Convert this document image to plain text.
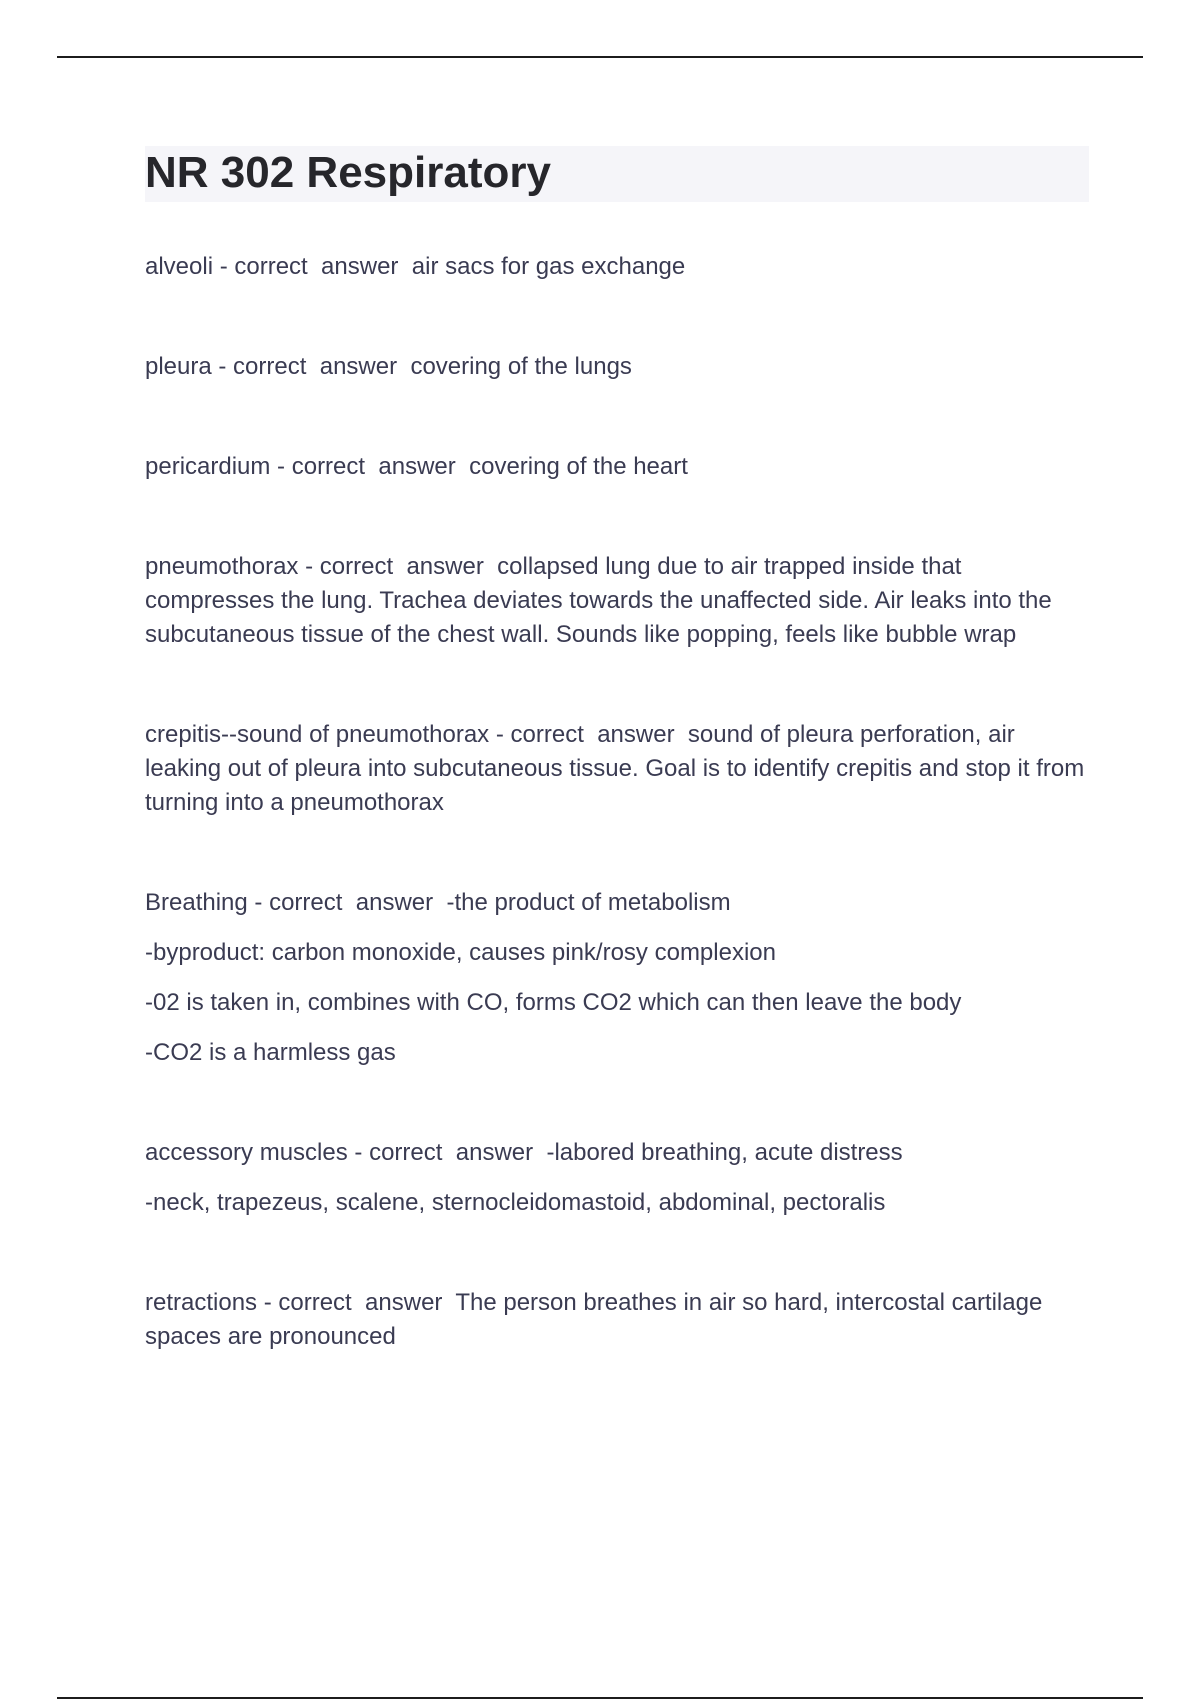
NR 302 Respiratory

alveoli - correct  answer  air sacs for gas exchange

pleura - correct  answer  covering of the lungs

pericardium - correct  answer  covering of the heart

pneumothorax - correct  answer  collapsed lung due to air trapped inside that compresses the lung. Trachea deviates towards the unaffected side. Air leaks into the subcutaneous tissue of the chest wall. Sounds like popping, feels like bubble wrap

crepitis--sound of pneumothorax - correct  answer  sound of pleura perforation, air leaking out of pleura into subcutaneous tissue. Goal is to identify crepitis and stop it from turning into a pneumothorax

Breathing - correct  answer  -the product of metabolism

-byproduct: carbon monoxide, causes pink/rosy complexion

-02 is taken in, combines with CO, forms CO2 which can then leave the body

-CO2 is a harmless gas

accessory muscles - correct  answer  -labored breathing, acute distress

-neck, trapezeus, scalene, sternocleidomastoid, abdominal, pectoralis

retractions - correct  answer  The person breathes in air so hard, intercostal cartilage spaces are pronounced
